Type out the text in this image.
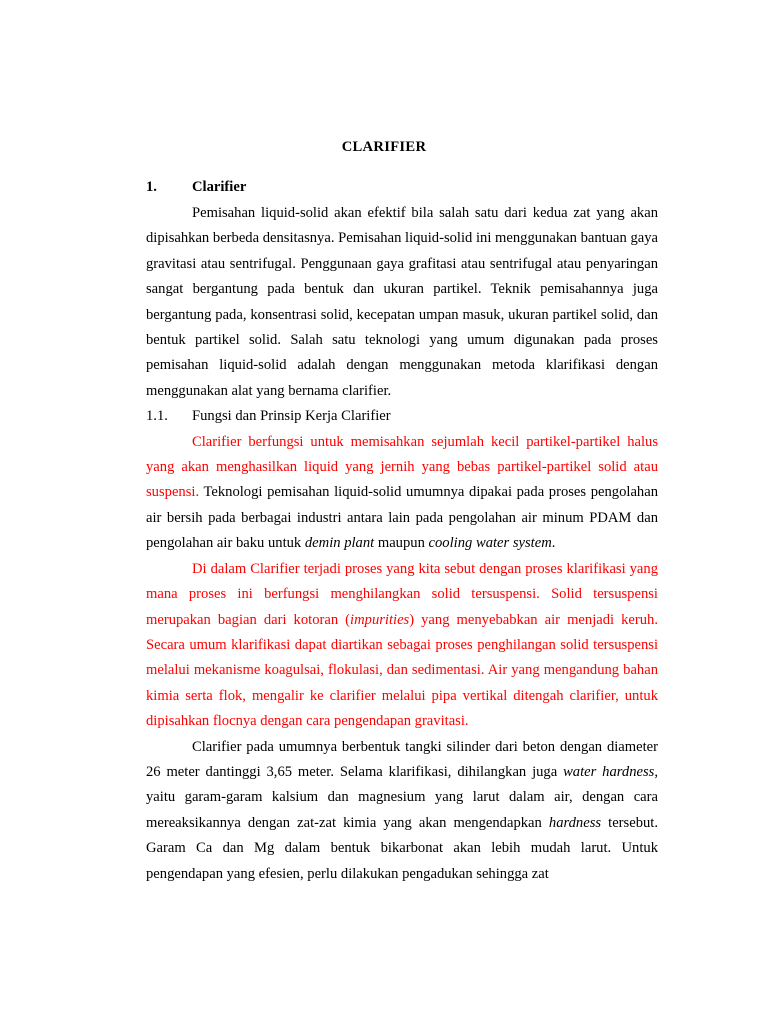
CLARIFIER
1. Clarifier

Pemisahan liquid-solid akan efektif bila salah satu dari kedua zat yang akan dipisahkan berbeda densitasnya. Pemisahan liquid-solid ini menggunakan bantuan gaya gravitasi atau sentrifugal. Penggunaan gaya grafitasi atau sentrifugal atau penyaringan sangat bergantung pada bentuk dan ukuran partikel. Teknik pemisahannya juga bergantung pada, konsentrasi solid, kecepatan umpan masuk, ukuran partikel solid, dan bentuk partikel solid. Salah satu teknologi yang umum digunakan pada proses pemisahan liquid-solid adalah dengan menggunakan metoda klarifikasi dengan menggunakan alat yang bernama clarifier.

1.1. Fungsi dan Prinsip Kerja Clarifier

Clarifier berfungsi untuk memisahkan sejumlah kecil partikel-partikel halus yang akan menghasilkan liquid yang jernih yang bebas partikel-partikel solid atau suspensi. Teknologi pemisahan liquid-solid umumnya dipakai pada proses pengolahan air bersih pada berbagai industri antara lain pada pengolahan air minum PDAM dan pengolahan air baku untuk demin plant maupun cooling water system.

Di dalam Clarifier terjadi proses yang kita sebut dengan proses klarifikasi yang mana proses ini berfungsi menghilangkan solid tersuspensi. Solid tersuspensi merupakan bagian dari kotoran (impurities) yang menyebabkan air menjadi keruh. Secara umum klarifikasi dapat diartikan sebagai proses penghilangan solid tersuspensi melalui mekanisme koagulsai, flokulasi, dan sedimentasi. Air yang mengandung bahan kimia serta flok, mengalir ke clarifier melalui pipa vertikal ditengah clarifier, untuk dipisahkan flocnya dengan cara pengendapan gravitasi.

Clarifier pada umumnya berbentuk tangki silinder dari beton dengan diameter 26 meter dantinggi 3,65 meter. Selama klarifikasi, dihilangkan juga water hardness, yaitu garam-garam kalsium dan magnesium yang larut dalam air, dengan cara mereaksikannya dengan zat-zat kimia yang akan mengendapkan hardness tersebut. Garam Ca dan Mg dalam bentuk bikarbonat akan lebih mudah larut. Untuk pengendapan yang efesien, perlu dilakukan pengadukan sehingga zat
